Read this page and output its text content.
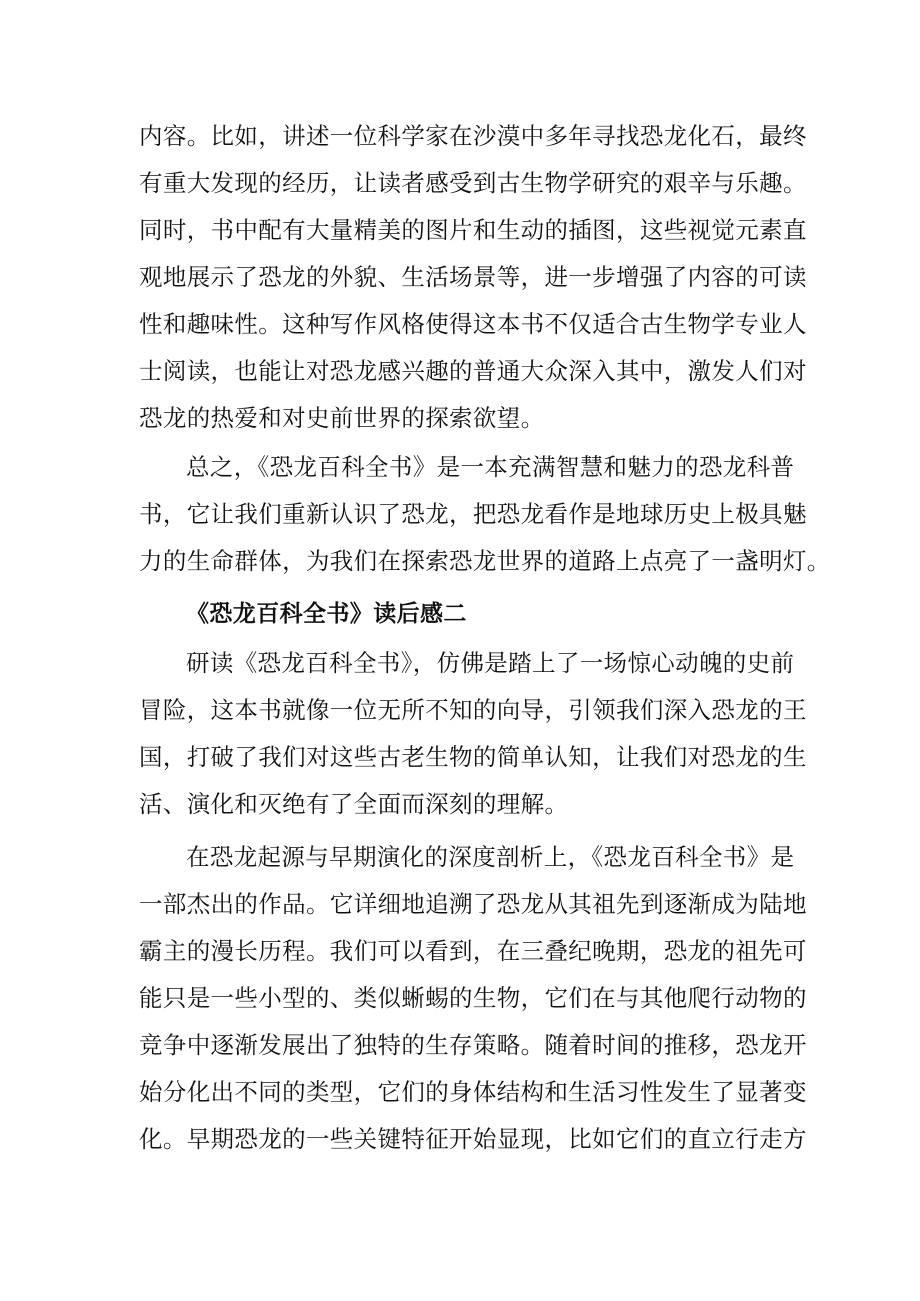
内容。比如，讲述一位科学家在沙漠中多年寻找恐龙化石，最终
有重大发现的经历，让读者感受到古生物学研究的艰辛与乐趣。
同时，书中配有大量精美的图片和生动的插图，这些视觉元素直
观地展示了恐龙的外貌、生活场景等，进一步增强了内容的可读
性和趣味性。这种写作风格使得这本书不仅适合古生物学专业人
士阅读，也能让对恐龙感兴趣的普通大众深入其中，激发人们对
恐龙的热爱和对史前世界的探索欲望。
总之，《恐龙百科全书》是一本充满智慧和魅力的恐龙科普
书，它让我们重新认识了恐龙，把恐龙看作是地球历史上极具魅
力的生命群体，为我们在探索恐龙世界的道路上点亮了一盏明灯。
《恐龙百科全书》读后感二
研读《恐龙百科全书》，仿佛是踏上了一场惊心动魄的史前
冒险，这本书就像一位无所不知的向导，引领我们深入恐龙的王
国，打破了我们对这些古老生物的简单认知，让我们对恐龙的生
活、演化和灭绝有了全面而深刻的理解。
在恐龙起源与早期演化的深度剖析上，《恐龙百科全书》是
一部杰出的作品。它详细地追溯了恐龙从其祖先到逐渐成为陆地
霸主的漫长历程。我们可以看到，在三叠纪晚期，恐龙的祖先可
能只是一些小型的、类似蜥蜴的生物，它们在与其他爬行动物的
竞争中逐渐发展出了独特的生存策略。随着时间的推移，恐龙开
始分化出不同的类型，它们的身体结构和生活习性发生了显著变
化。早期恐龙的一些关键特征开始显现，比如它们的直立行走方
